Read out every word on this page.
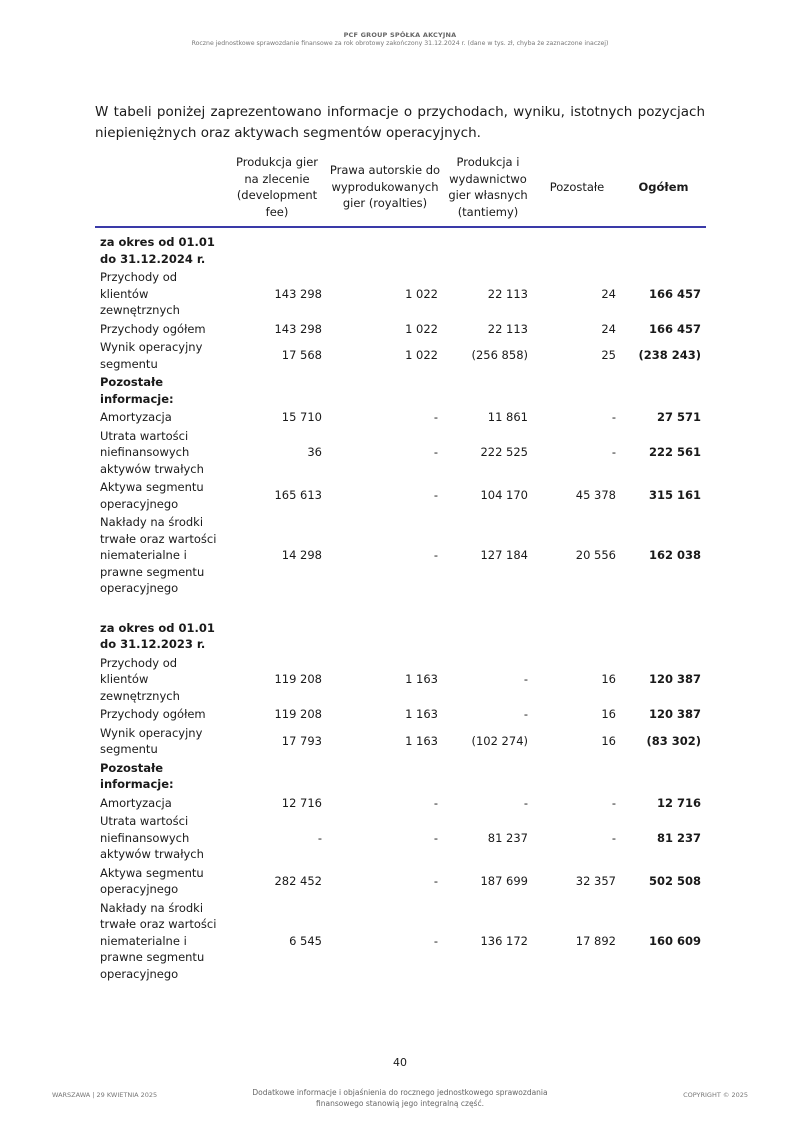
PCF GROUP SPÓŁKA AKCYJNA
Roczne jednostkowe sprawozdanie finansowe za rok obrotowy zakończony 31.12.2024 r. (dane w tys. zł, chyba że zaznaczone inaczej)

W tabeli poniżej zaprezentowano informacje o przychodach, wyniku, istotnych pozycjach niepieniężnych oraz aktywach segmentów operacyjnych.

	Produkcja gier na zlecenie (development fee)	Prawa autorskie do wyprodukowanych gier (royalties)	Produkcja i wydawnictwo gier własnych (tantiemy)	Pozostałe	Ogółem
za okres od 01.01 do 31.12.2024 r.					
Przychody od klientów zewnętrznych	143 298	1 022	22 113	24	166 457
Przychody ogółem	143 298	1 022	22 113	24	166 457
Wynik operacyjny segmentu	17 568	1 022	(256 858)	25	(238 243)
Pozostałe informacje:					
Amortyzacja	15 710	-	11 861	-	27 571
Utrata wartości niefinansowych aktywów trwałych	36	-	222 525	-	222 561
Aktywa segmentu operacyjnego	165 613	-	104 170	45 378	315 161
Nakłady na środki trwałe oraz wartości niematerialne i prawne segmentu operacyjnego	14 298	-	127 184	20 556	162 038

za okres od 01.01 do 31.12.2023 r.					
Przychody od klientów zewnętrznych	119 208	1 163	-	16	120 387
Przychody ogółem	119 208	1 163	-	16	120 387
Wynik operacyjny segmentu	17 793	1 163	(102 274)	16	(83 302)
Pozostałe informacje:					
Amortyzacja	12 716	-	-	-	12 716
Utrata wartości niefinansowych aktywów trwałych	-	-	81 237	-	81 237
Aktywa segmentu operacyjnego	282 452	-	187 699	32 357	502 508
Nakłady na środki trwałe oraz wartości niematerialne i prawne segmentu operacyjnego	6 545	-	136 172	17 892	160 609
40
WARSZAWA | 29 KWIETNIA 2025	Dodatkowe informacje i objaśnienia do rocznego jednostkowego sprawozdania finansowego stanowią jego integralną część.
COPYRIGHT © 2025
